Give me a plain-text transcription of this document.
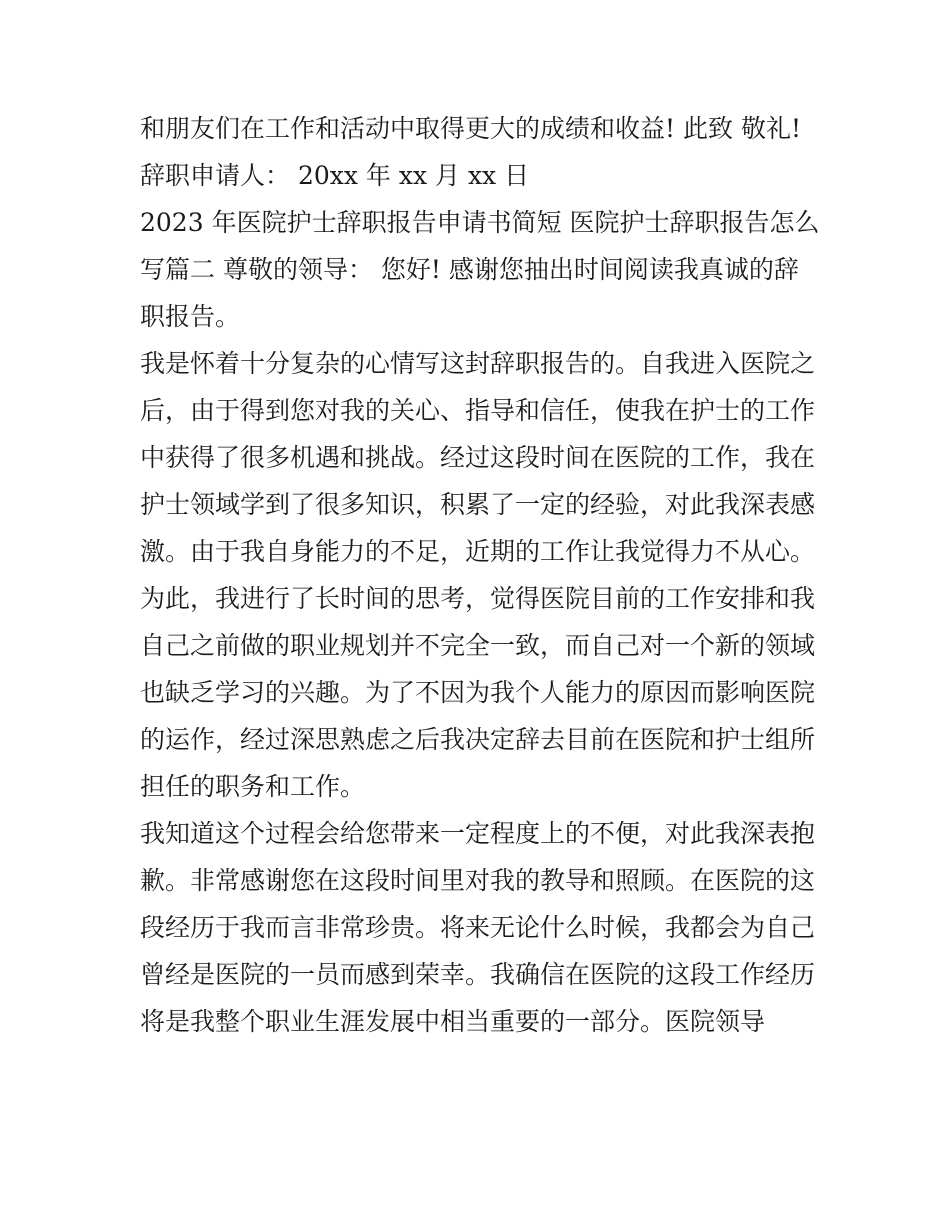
和朋友们在工作和活动中取得更大的成绩和收益! 此致 敬礼!
辞职申请人： 20xx 年 xx 月 xx 日
2023 年医院护士辞职报告申请书简短 医院护士辞职报告怎么
写篇二 尊敬的领导： 您好! 感谢您抽出时间阅读我真诚的辞
职报告。
我是怀着十分复杂的心情写这封辞职报告的。自我进入医院之
后，由于得到您对我的关心、指导和信任，使我在护士的工作
中获得了很多机遇和挑战。经过这段时间在医院的工作，我在
护士领域学到了很多知识，积累了一定的经验，对此我深表感
激。由于我自身能力的不足，近期的工作让我觉得力不从心。
为此，我进行了长时间的思考，觉得医院目前的工作安排和我
自己之前做的职业规划并不完全一致，而自己对一个新的领域
也缺乏学习的兴趣。为了不因为我个人能力的原因而影响医院
的运作，经过深思熟虑之后我决定辞去目前在医院和护士组所
担任的职务和工作。
我知道这个过程会给您带来一定程度上的不便，对此我深表抱
歉。非常感谢您在这段时间里对我的教导和照顾。在医院的这
段经历于我而言非常珍贵。将来无论什么时候，我都会为自己
曾经是医院的一员而感到荣幸。我确信在医院的这段工作经历
将是我整个职业生涯发展中相当重要的一部分。医院领导
